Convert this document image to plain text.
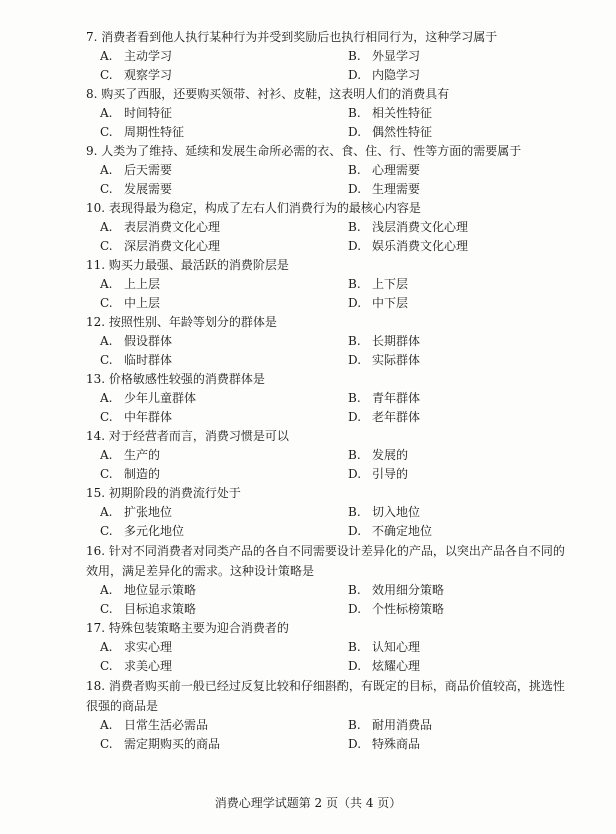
7. 消费者看到他人执行某种行为并受到奖励后也执行相同行为，这种学习属于
A. 主动学习	B. 外显学习
C. 观察学习	D. 内隐学习
8. 购买了西服，还要购买领带、衬衫、皮鞋，这表明人们的消费具有
A. 时间特征	B. 相关性特征
C. 周期性特征	D. 偶然性特征
9. 人类为了维持、延续和发展生命所必需的衣、食、住、行、性等方面的需要属于
A. 后天需要	B. 心理需要
C. 发展需要	D. 生理需要
10. 表现得最为稳定，构成了左右人们消费行为的最核心内容是
A. 表层消费文化心理	B. 浅层消费文化心理
C. 深层消费文化心理	D. 娱乐消费文化心理
11. 购买力最强、最活跃的消费阶层是
A. 上上层	B. 上下层
C. 中上层	D. 中下层
12. 按照性别、年龄等划分的群体是
A. 假设群体	B. 长期群体
C. 临时群体	D. 实际群体
13. 价格敏感性较强的消费群体是
A. 少年儿童群体	B. 青年群体
C. 中年群体	D. 老年群体
14. 对于经营者而言，消费习惯是可以
A. 生产的	B. 发展的
C. 制造的	D. 引导的
15. 初期阶段的消费流行处于
A. 扩张地位	B. 切入地位
C. 多元化地位	D. 不确定地位
16. 针对不同消费者对同类产品的各自不同需要设计差异化的产品，以突出产品各自不同的效用，满足差异化的需求。这种设计策略是
A. 地位显示策略	B. 效用细分策略
C. 目标追求策略	D. 个性标榜策略
17. 特殊包装策略主要为迎合消费者的
A. 求实心理	B. 认知心理
C. 求美心理	D. 炫耀心理
18. 消费者购买前一般已经过反复比较和仔细斟酌，有既定的目标，商品价值较高，挑选性很强的商品是
A. 日常生活必需品	B. 耐用消费品
C. 需定期购买的商品	D. 特殊商品
消费心理学试题第 2 页（共 4 页）
